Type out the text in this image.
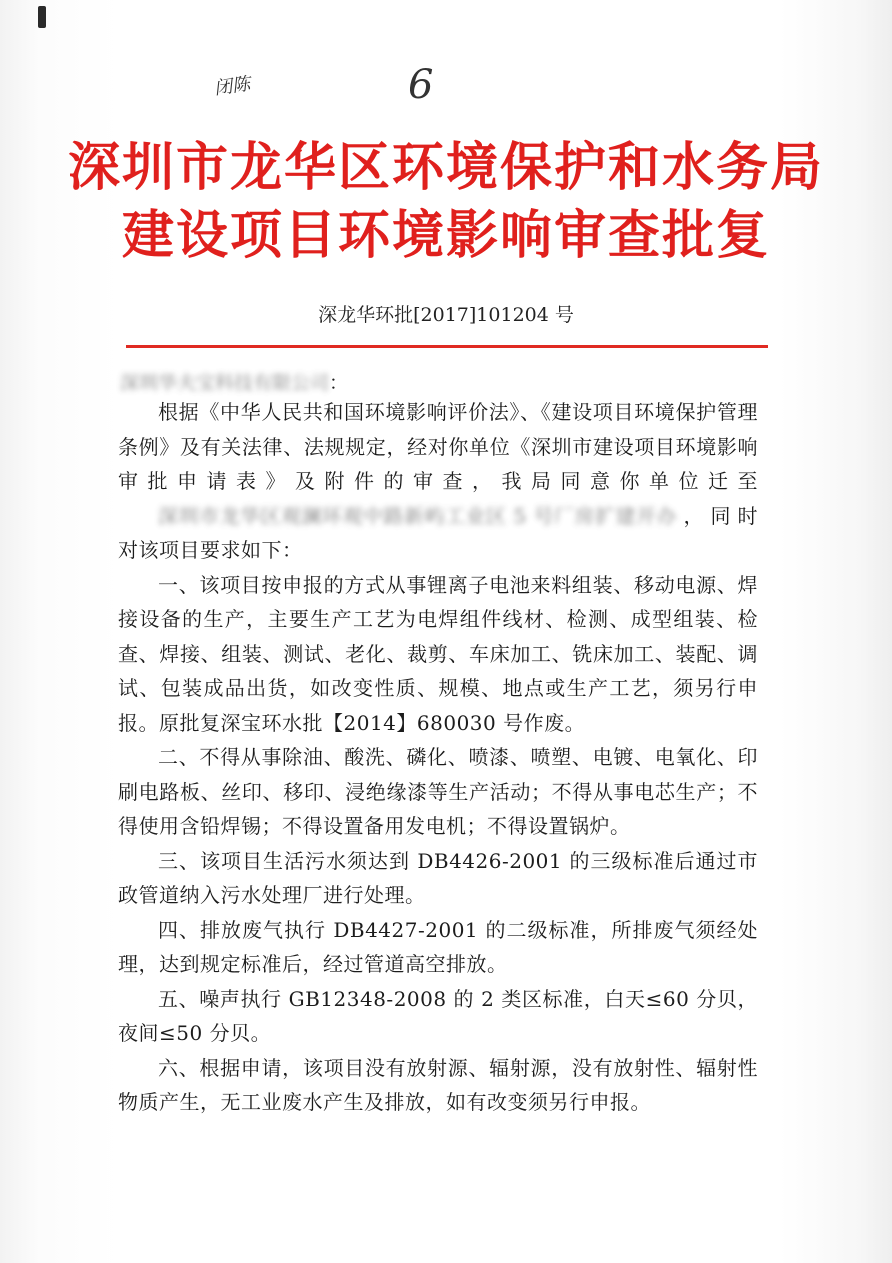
闭陈	6
深圳市龙华区环境保护和水务局
建设项目环境影响审查批复
深龙华环批[2017]101204 号
深圳华夫宝科技有限公司：

根据《中华人民共和国环境影响评价法》、《建设项目环境保护管理条例》及有关法律、法规规定，经对你单位《深圳市建设项目环境影响审批申请表》及附件的审查，我局同意你单位迁至深圳市龙华区观澜环观中路新屿工业区 5 号厂房扩建开办，同时对该项目要求如下：

一、该项目按申报的方式从事锂离子电池来料组装、移动电源、焊接设备的生产，主要生产工艺为电焊组件线材、检测、成型组装、检查、焊接、组装、测试、老化、裁剪、车床加工、铣床加工、装配、调试、包装成品出货，如改变性质、规模、地点或生产工艺，须另行申报。原批复深宝环水批【2014】680030 号作废。

二、不得从事除油、酸洗、磷化、喷漆、喷塑、电镀、电氧化、印刷电路板、丝印、移印、浸绝缘漆等生产活动；不得从事电芯生产；不得使用含铅焊锡；不得设置备用发电机；不得设置锅炉。

三、该项目生活污水须达到 DB4426-2001 的三级标准后通过市政管道纳入污水处理厂进行处理。

四、排放废气执行 DB4427-2001 的二级标准，所排废气须经处理，达到规定标准后，经过管道高空排放。

五、噪声执行 GB12348-2008 的 2 类区标准，白天≤60 分贝，夜间≤50 分贝。

六、根据申请，该项目没有放射源、辐射源，没有放射性、辐射性物质产生，无工业废水产生及排放，如有改变须另行申报。
